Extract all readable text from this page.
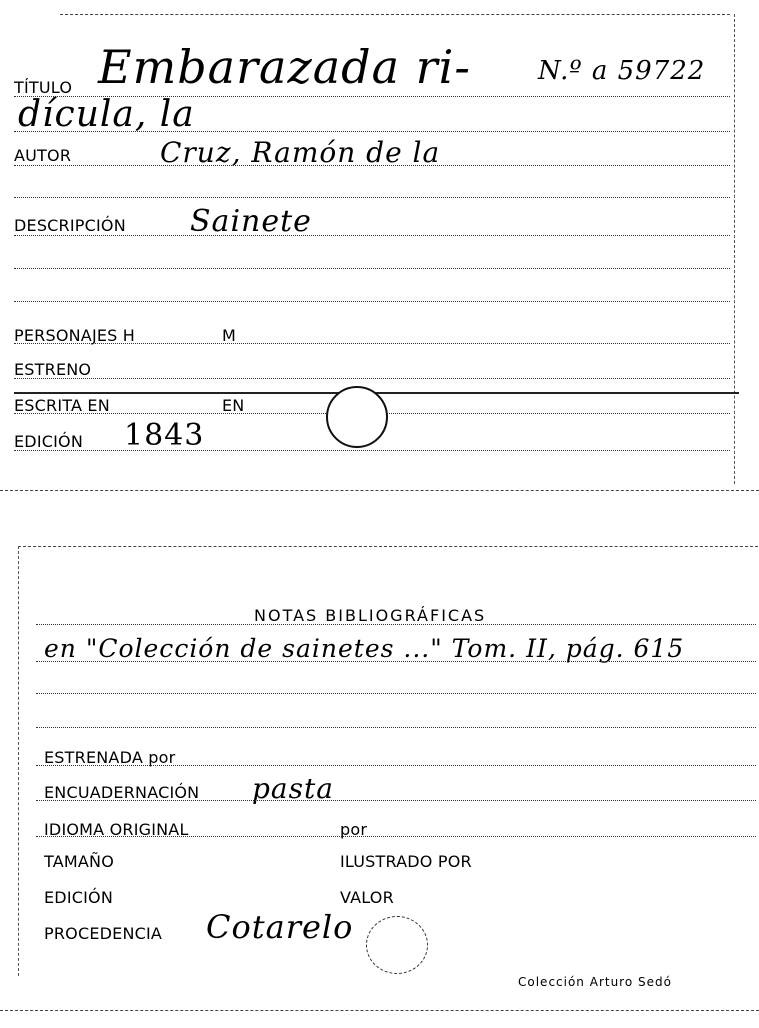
TÍTULO Embarazada ri-	N.º a 59722
dícula, la
AUTOR	Cruz, Ramón de la
DESCRIPCIÓN Sainete
PERSONAJES H	M
ESTRENO
ESCRITA EN	EN
EDICIÓN 1843
NOTAS BIBLIOGRÁFICAS
en "Colección de sainetes ..." Tom. II, pág. 615
ESTRENADA por
ENCUADERNACIÓN pasta
IDIOMA ORIGINAL	por
TAMAÑO	ILUSTRADO POR
EDICIÓN	VALOR
PROCEDENCIA Cotarelo
Colección Arturo Sedó
